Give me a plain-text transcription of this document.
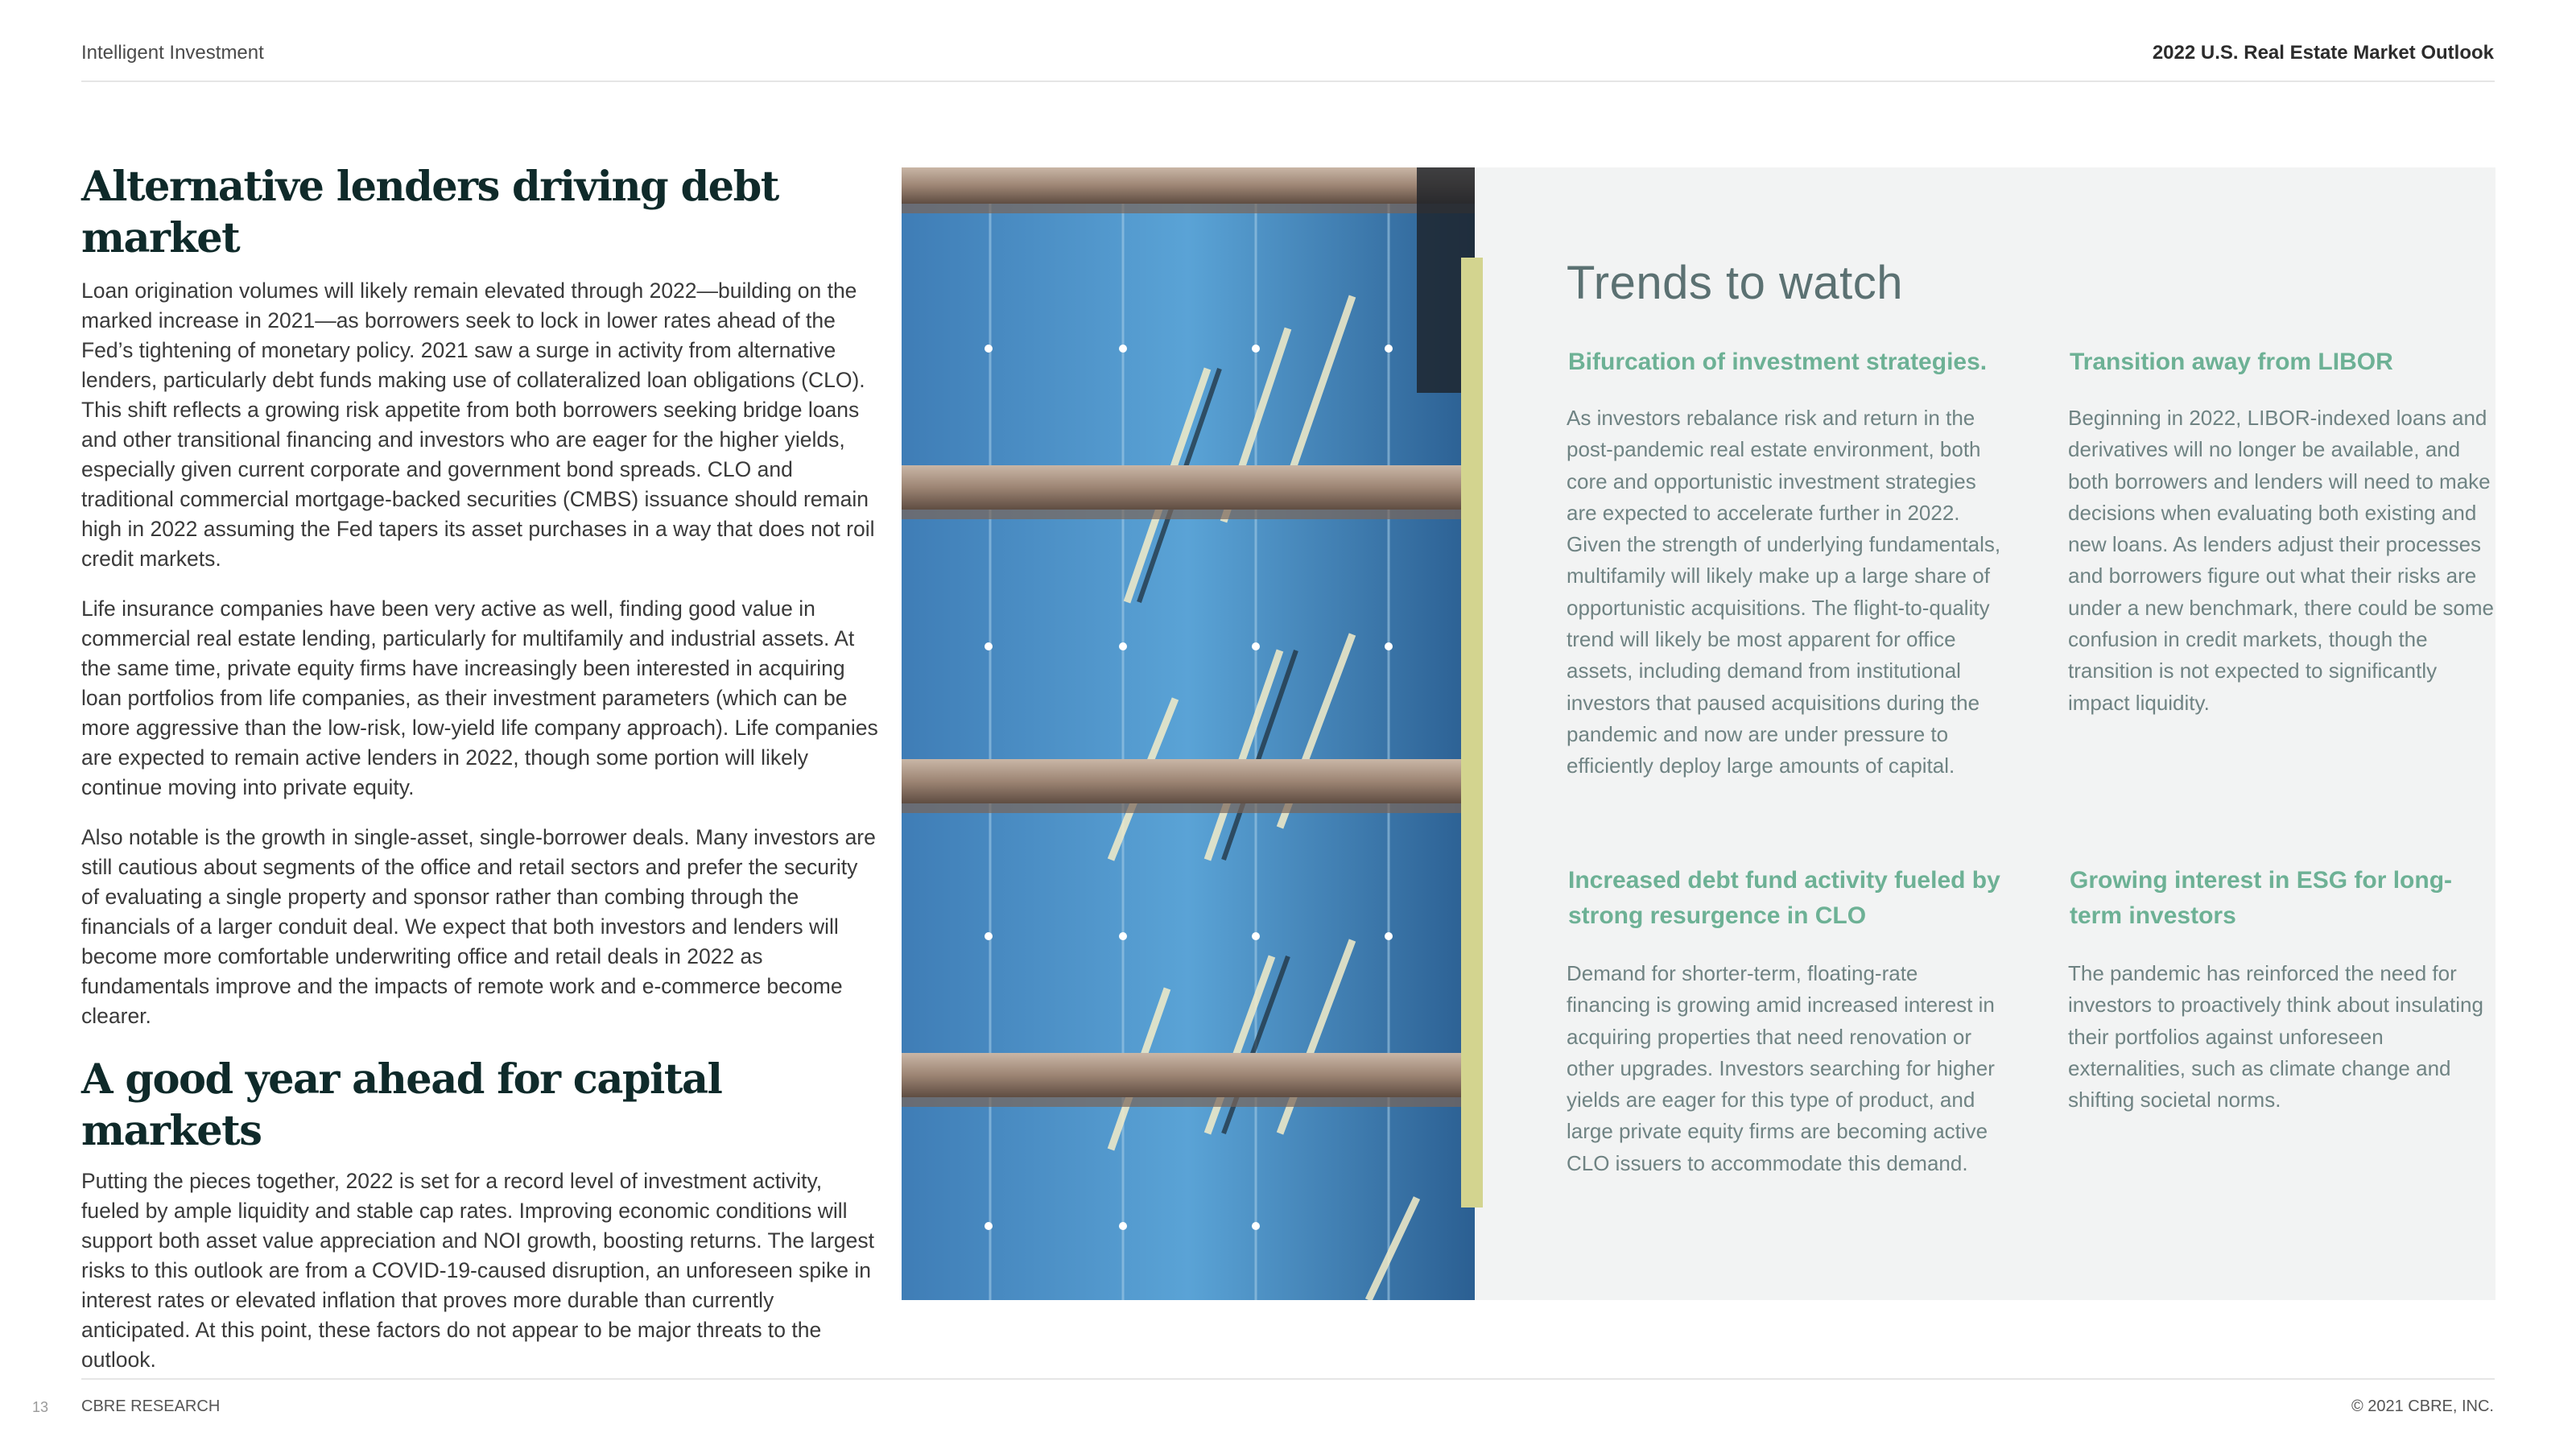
Intelligent Investment	2022 U.S. Real Estate Market Outlook
Alternative lenders driving debt market

Loan origination volumes will likely remain elevated through 2022—building on the marked increase in 2021—as borrowers seek to lock in lower rates ahead of the Fed’s tightening of monetary policy. 2021 saw a surge in activity from alternative lenders, particularly debt funds making use of collateralized loan obligations (CLO). This shift reflects a growing risk appetite from both borrowers seeking bridge loans and other transitional financing and investors who are eager for the higher yields, especially given current corporate and government bond spreads. CLO and traditional commercial mortgage-backed securities (CMBS) issuance should remain high in 2022 assuming the Fed tapers its asset purchases in a way that does not roil credit markets.

Life insurance companies have been very active as well, finding good value in commercial real estate lending, particularly for multifamily and industrial assets. At the same time, private equity firms have increasingly been interested in acquiring loan portfolios from life companies, as their investment parameters (which can be more aggressive than the low-risk, low-yield life company approach). Life companies are expected to remain active lenders in 2022, though some portion will likely continue moving into private equity.

Also notable is the growth in single-asset, single-borrower deals. Many investors are still cautious about segments of the office and retail sectors and prefer the security of evaluating a single property and sponsor rather than combing through the financials of a larger conduit deal. We expect that both investors and lenders will become more comfortable underwriting office and retail deals in 2022 as fundamentals improve and the impacts of remote work and e-commerce become clearer.

A good year ahead for capital markets

Putting the pieces together, 2022 is set for a record level of investment activity, fueled by ample liquidity and stable cap rates. Improving economic conditions will support both asset value appreciation and NOI growth, boosting returns. The largest risks to this outlook are from a COVID-19-caused disruption, an unforeseen spike in interest rates or elevated inflation that proves more durable than currently anticipated. At this point, these factors do not appear to be major threats to the outlook.

Trends to watch
Bifurcation of investment strategies.

As investors rebalance risk and return in the post-pandemic real estate environment, both core and opportunistic investment strategies are expected to accelerate further in 2022. Given the strength of underlying fundamentals, multifamily will likely make up a large share of opportunistic acquisitions. The flight-to-quality trend will likely be most apparent for office assets, including demand from institutional investors that paused acquisitions during the pandemic and now are under pressure to efficiently deploy large amounts of capital.

Transition away from LIBOR

Beginning in 2022, LIBOR-indexed loans and derivatives will no longer be available, and both borrowers and lenders will need to make decisions when evaluating both existing and new loans. As lenders adjust their processes and borrowers figure out what their risks are under a new benchmark, there could be some confusion in credit markets, though the transition is not expected to significantly impact liquidity.

Increased debt fund activity fueled by strong resurgence in CLO

Demand for shorter-term, floating-rate financing is growing amid increased interest in acquiring properties that need renovation or other upgrades. Investors searching for higher yields are eager for this type of product, and large private equity firms are becoming active CLO issuers to accommodate this demand.

Growing interest in ESG for long-term investors

The pandemic has reinforced the need for investors to proactively think about insulating their portfolios against unforeseen externalities, such as climate change and shifting societal norms.

13 CBRE RESEARCH	© 2021 CBRE, INC.
